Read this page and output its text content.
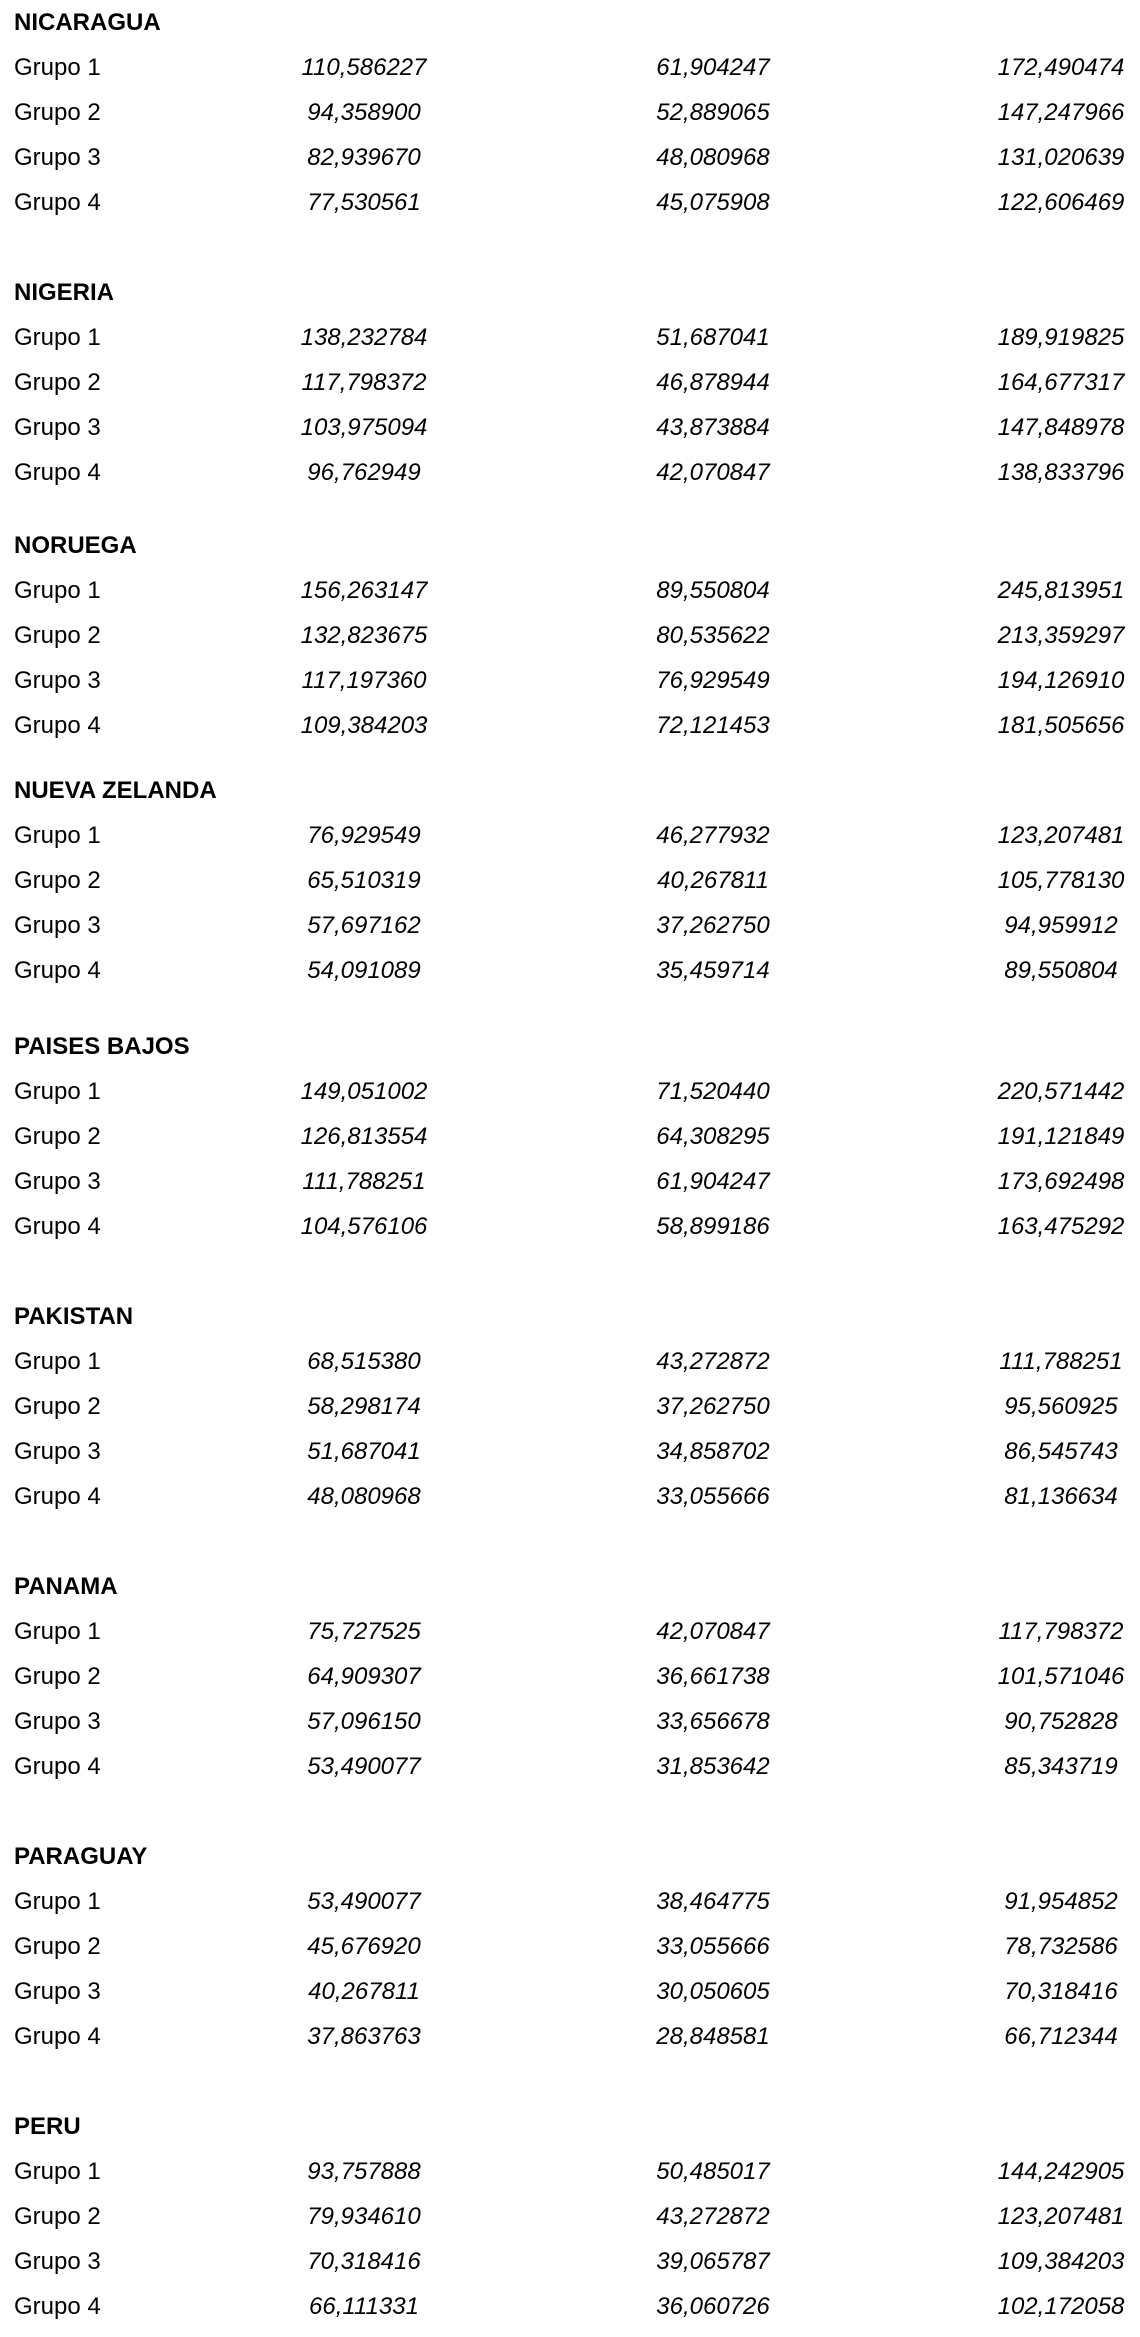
NICARAGUA
Grupo 1	110,586227	61,904247	172,490474
Grupo 2	94,358900	52,889065	147,247966
Grupo 3	82,939670	48,080968	131,020639
Grupo 4	77,530561	45,075908	122,606469
NIGERIA
Grupo 1	138,232784	51,687041	189,919825
Grupo 2	117,798372	46,878944	164,677317
Grupo 3	103,975094	43,873884	147,848978
Grupo 4	96,762949	42,070847	138,833796
NORUEGA
Grupo 1	156,263147	89,550804	245,813951
Grupo 2	132,823675	80,535622	213,359297
Grupo 3	117,197360	76,929549	194,126910
Grupo 4	109,384203	72,121453	181,505656
NUEVA ZELANDA
Grupo 1	76,929549	46,277932	123,207481
Grupo 2	65,510319	40,267811	105,778130
Grupo 3	57,697162	37,262750	94,959912
Grupo 4	54,091089	35,459714	89,550804
PAISES BAJOS
Grupo 1	149,051002	71,520440	220,571442
Grupo 2	126,813554	64,308295	191,121849
Grupo 3	111,788251	61,904247	173,692498
Grupo 4	104,576106	58,899186	163,475292
PAKISTAN
Grupo 1	68,515380	43,272872	111,788251
Grupo 2	58,298174	37,262750	95,560925
Grupo 3	51,687041	34,858702	86,545743
Grupo 4	48,080968	33,055666	81,136634
PANAMA
Grupo 1	75,727525	42,070847	117,798372
Grupo 2	64,909307	36,661738	101,571046
Grupo 3	57,096150	33,656678	90,752828
Grupo 4	53,490077	31,853642	85,343719
PARAGUAY
Grupo 1	53,490077	38,464775	91,954852
Grupo 2	45,676920	33,055666	78,732586
Grupo 3	40,267811	30,050605	70,318416
Grupo 4	37,863763	28,848581	66,712344
PERU
Grupo 1	93,757888	50,485017	144,242905
Grupo 2	79,934610	43,272872	123,207481
Grupo 3	70,318416	39,065787	109,384203
Grupo 4	66,111331	36,060726	102,172058
